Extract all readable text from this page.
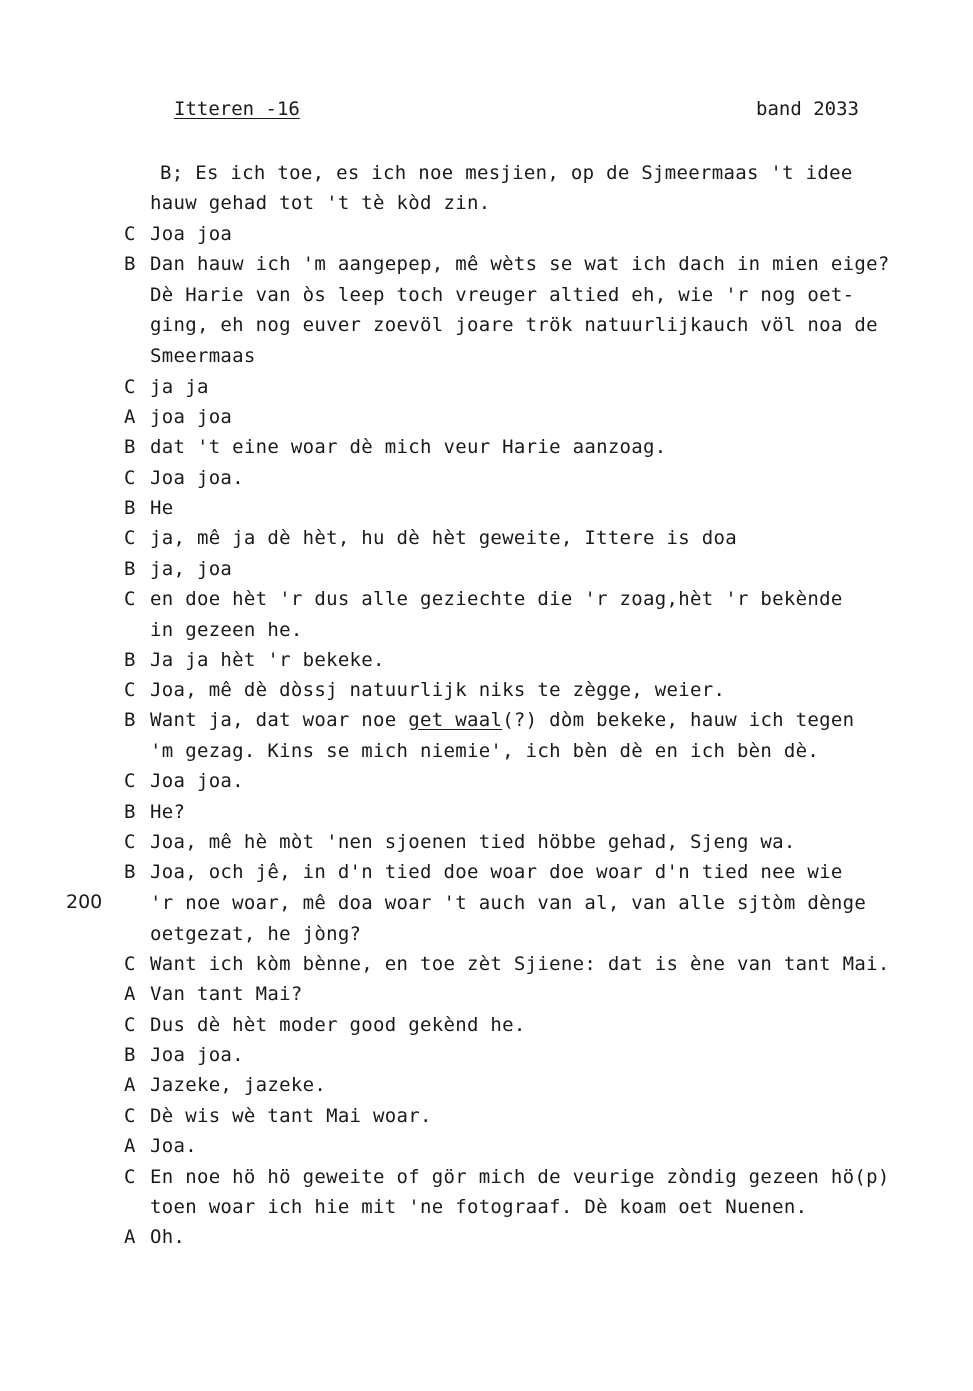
Itteren -16	band 2033
200
B; Es ich toe, es ich noe mesjien, op de Sjmeermaas 't idee
hauw gehad tot 't tè kòd zin.
C Joa joa
B Dan hauw ich 'm aangepep, mê wèts se wat ich dach in mien eige?
Dè Harie van òs leep toch vreuger altied eh, wie 'r nog oet-
ging, eh nog euver zoevöl joare trök natuurlijkauch völ noa de
Smeermaas
C ja ja
A joa joa
B dat 't eine woar dè mich veur Harie aanzoag.
C Joa joa.
B He
C ja, mê ja dè hèt, hu dè hèt geweite, Ittere is doa
B ja, joa
C en doe hèt 'r dus alle geziechte die 'r zoag,hèt 'r bekènde
in gezeen he.
B Ja ja hèt 'r bekeke.
C Joa, mê dè dòssj natuurlijk niks te zègge, weier.
B Want ja, dat woar noe get waal(?) dòm bekeke, hauw ich tegen
'm gezag. Kins se mich niemie', ich bèn dè en ich bèn dè.
C Joa joa.
B He?
C Joa, mê hè mòt 'nen sjoenen tied höbbe gehad, Sjeng wa.
B Joa, och jê, in d'n tied doe woar doe woar d'n tied nee wie
'r noe woar, mê doa woar 't auch van al, van alle sjtòm dènge
oetgezat, he jòng?
C Want ich kòm bènne, en toe zèt Sjiene: dat is ène van tant Mai.
A Van tant Mai?
C Dus dè hèt moder good gekènd he.
B Joa joa.
A Jazeke, jazeke.
C Dè wis wè tant Mai woar.
A Joa.
C En noe hö hö geweite of gör mich de veurige zòndig gezeen hö(p)
toen woar ich hie mit 'ne fotograaf. Dè koam oet Nuenen.
A Oh.
